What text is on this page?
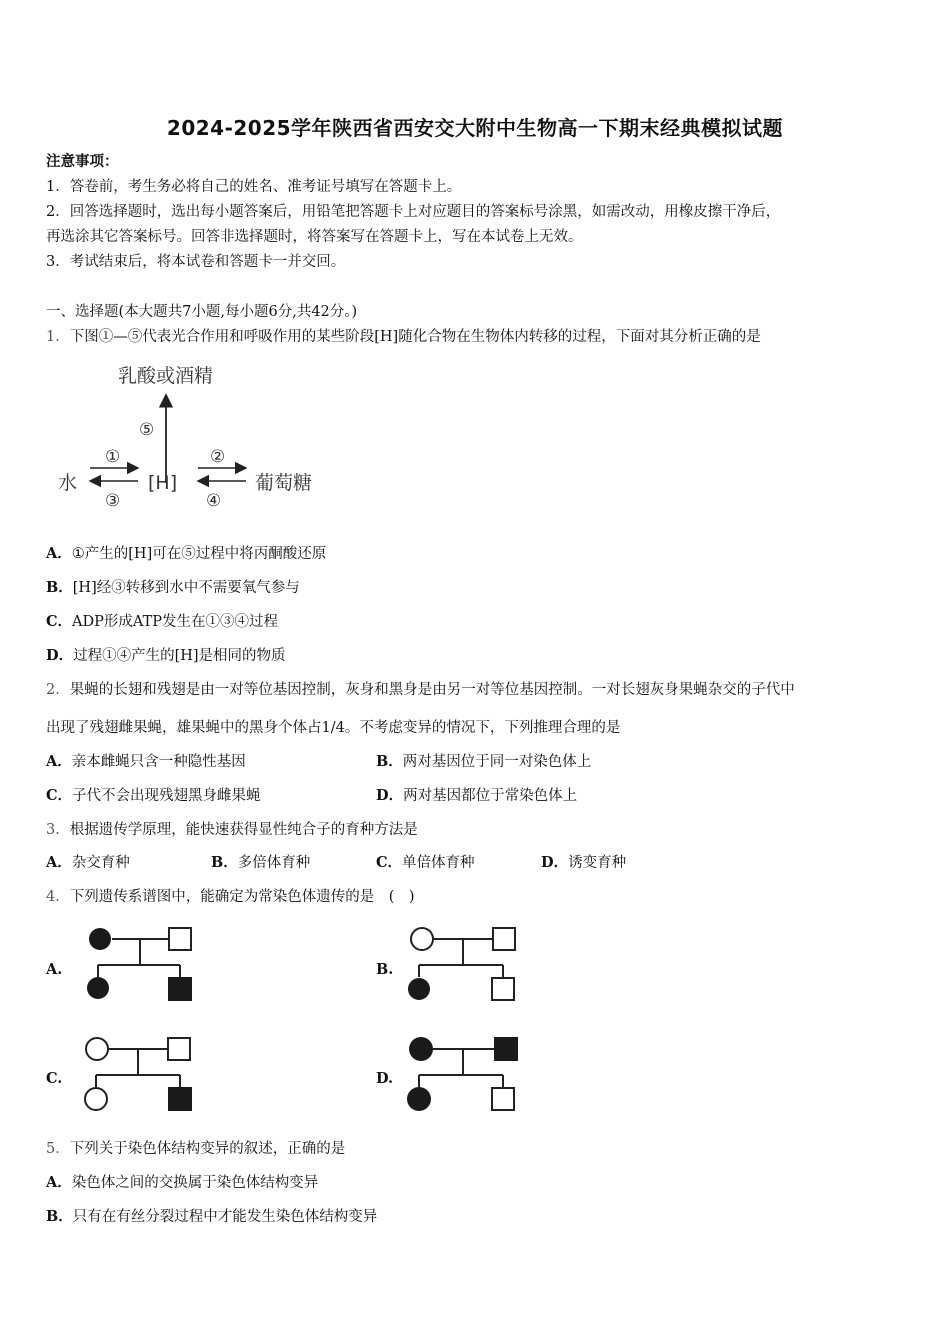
2024-2025学年陕西省西安交大附中生物高一下期末经典模拟试题
注意事项：
1．答卷前，考生务必将自己的姓名、准考证号填写在答题卡上。
2．回答选择题时，选出每小题答案后，用铅笔把答题卡上对应题目的答案标号涂黑，如需改动，用橡皮擦干净后，
再选涂其它答案标号。回答非选择题时，将答案写在答题卡上，写在本试卷上无效。
3．考试结束后，将本试卷和答题卡一并交回。
一、选择题(本大题共7小题,每小题6分,共42分。)
1．下图①—⑤代表光合作用和呼吸作用的某些阶段[H]随化合物在生物体内转移的过程，下面对其分析正确的是
乳酸或酒精
⑤
水	[H]	葡萄糖
①
③
②
④
A．①产生的[H]可在⑤过程中将丙酮酸还原
B．[H]经③转移到水中不需要氧气参与
C．ADP形成ATP发生在①③④过程
D．过程①④产生的[H]是相同的物质
2．果蝇的长翅和残翅是由一对等位基因控制，灰身和黑身是由另一对等位基因控制。一对长翅灰身果蝇杂交的子代中
出现了残翅雌果蝇，雄果蝇中的黑身个体占1/4。不考虑变异的情况下，下列推理合理的是
A．亲本雌蝇只含一种隐性基因	B．两对基因位于同一对染色体上
C．子代不会出现残翅黑身雌果蝇	D．两对基因都位于常染色体上
3．根据遗传学原理，能快速获得显性纯合子的育种方法是
A．杂交育种	B．多倍体育种	C．单倍体育种	D．诱变育种
4．下列遗传系谱图中，能确定为常染色体遗传的是　(　)
A.	B.
C.	D.
5．下列关于染色体结构变异的叙述，正确的是
A．染色体之间的交换属于染色体结构变异
B．只有在有丝分裂过程中才能发生染色体结构变异
